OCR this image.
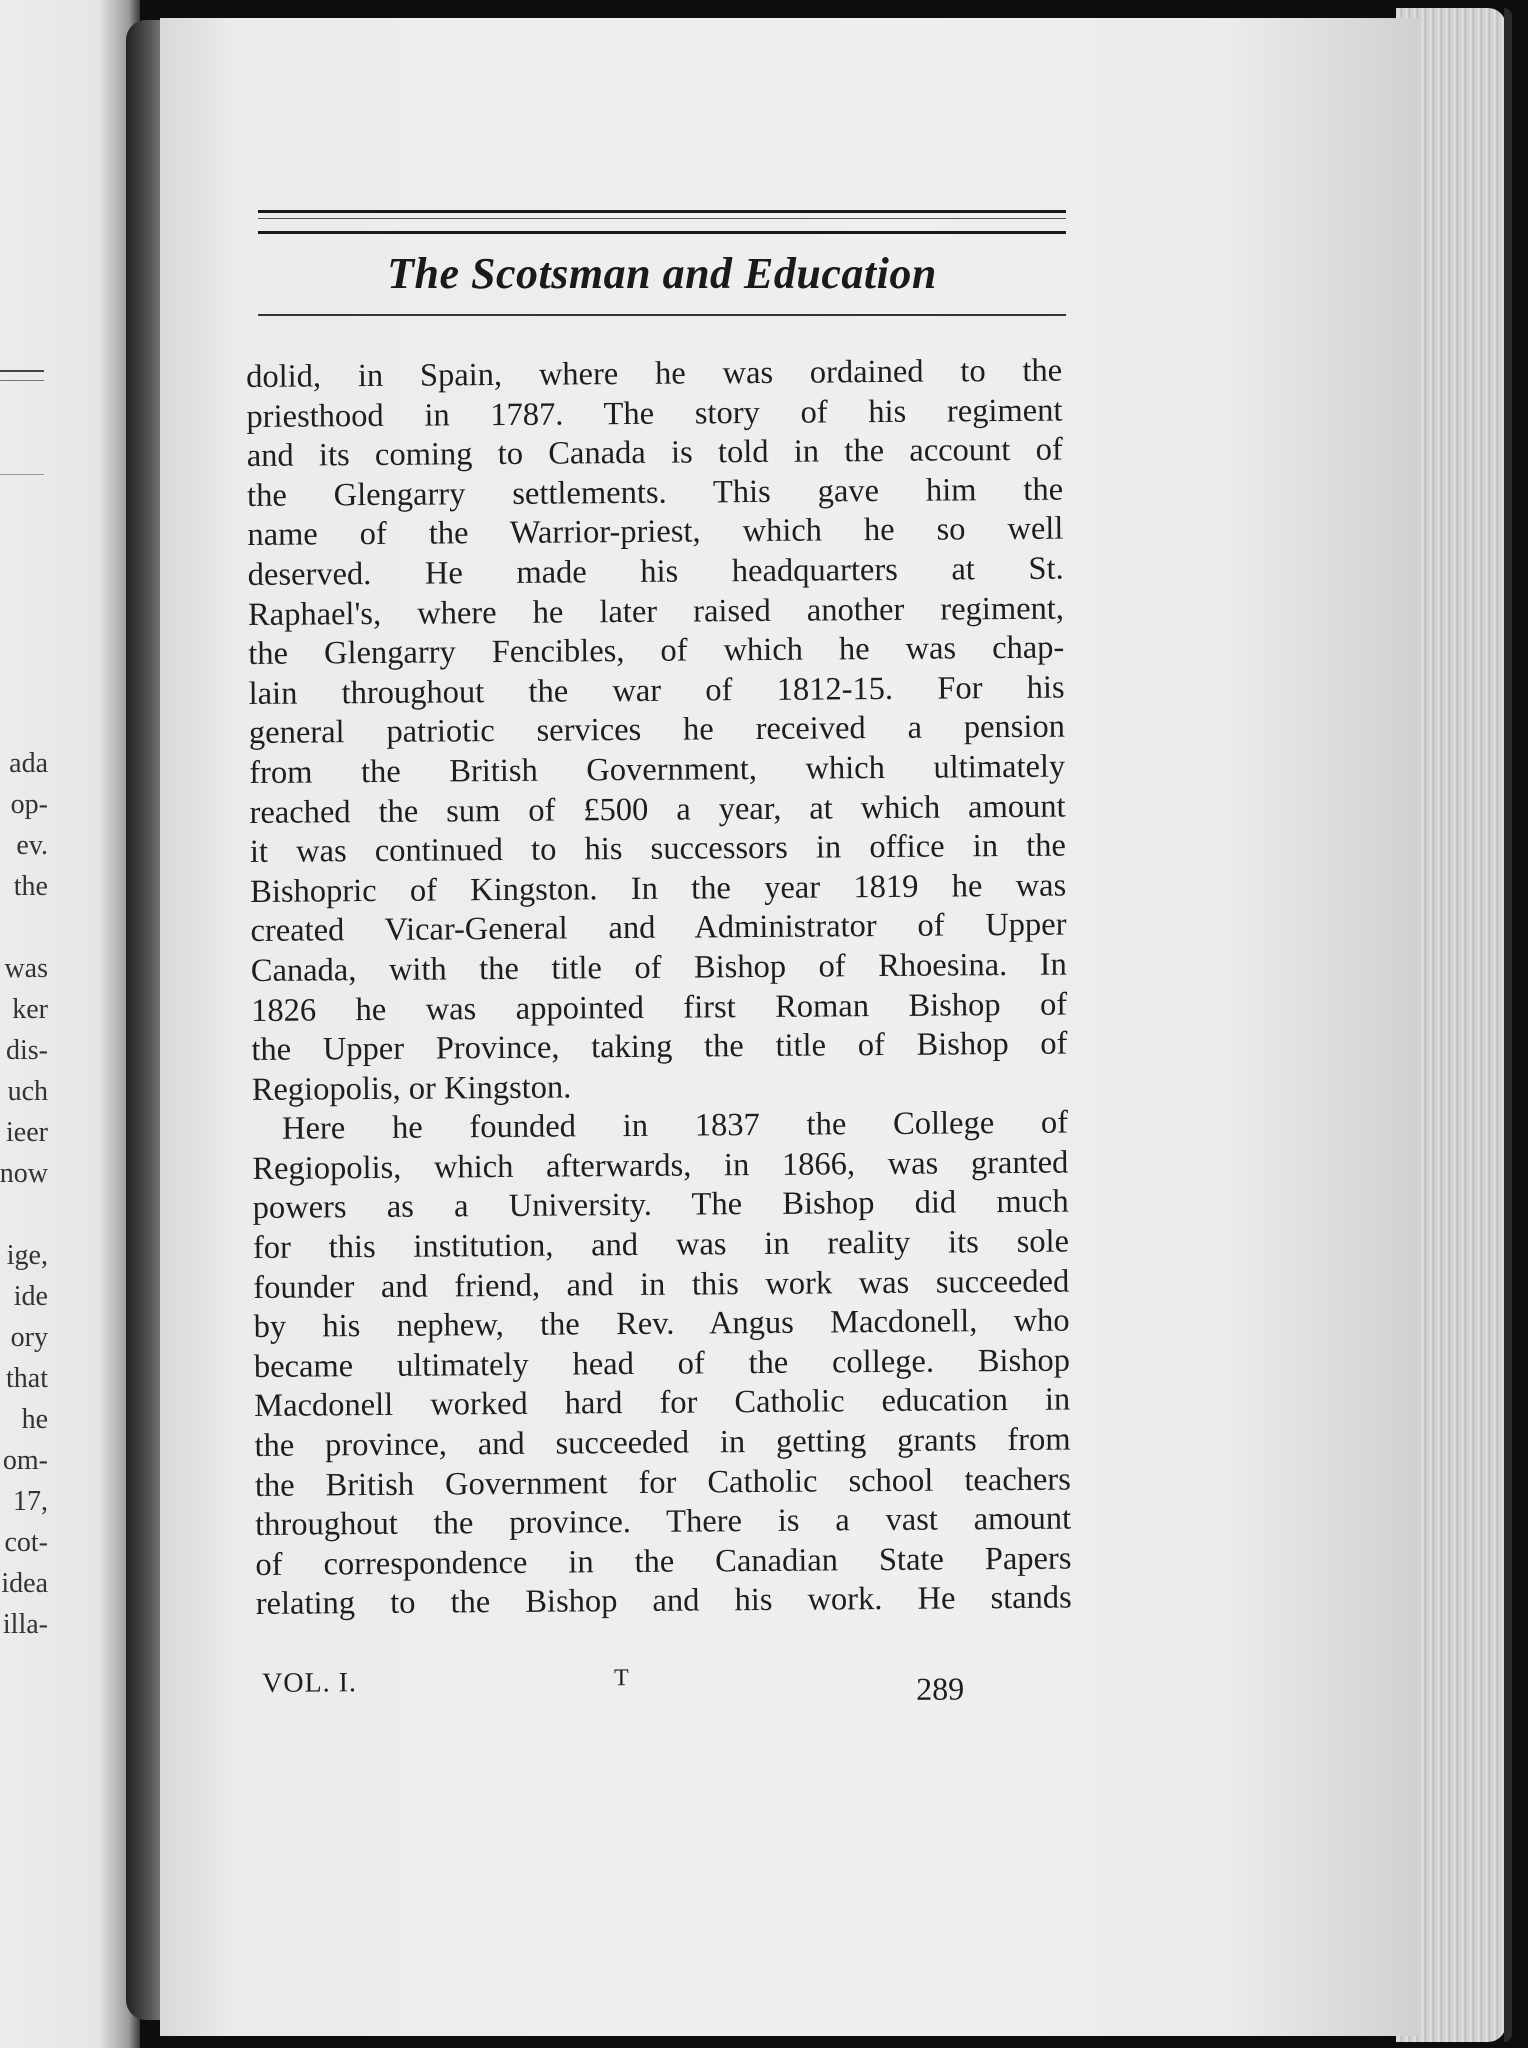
ada
op-
ev.
the
was
ker
dis-
uch
ieer
now
ige,
ide
ory
that
he
om-
17,
cot-
idea
illa-
The Scotsman and Education
dolid, in Spain, where he was ordained to the
priesthood in 1787. The story of his regiment
and its coming to Canada is told in the account of
the Glengarry settlements. This gave him the
name of the Warrior-priest, which he so well
deserved. He made his headquarters at St.
Raphael's, where he later raised another regiment,
the Glengarry Fencibles, of which he was chap-
lain throughout the war of 1812-15. For his
general patriotic services he received a pension
from the British Government, which ultimately
reached the sum of £500 a year, at which amount
it was continued to his successors in office in the
Bishopric of Kingston. In the year 1819 he was
created Vicar-General and Administrator of Upper
Canada, with the title of Bishop of Rhoesina. In
1826 he was appointed first Roman Bishop of
the Upper Province, taking the title of Bishop of
Regiopolis, or Kingston.
Here he founded in 1837 the College of
Regiopolis, which afterwards, in 1866, was granted
powers as a University. The Bishop did much
for this institution, and was in reality its sole
founder and friend, and in this work was succeeded
by his nephew, the Rev. Angus Macdonell, who
became ultimately head of the college. Bishop
Macdonell worked hard for Catholic education in
the province, and succeeded in getting grants from
the British Government for Catholic school teachers
throughout the province. There is a vast amount
of correspondence in the Canadian State Papers
relating to the Bishop and his work. He stands
VOL. I.	T	289
